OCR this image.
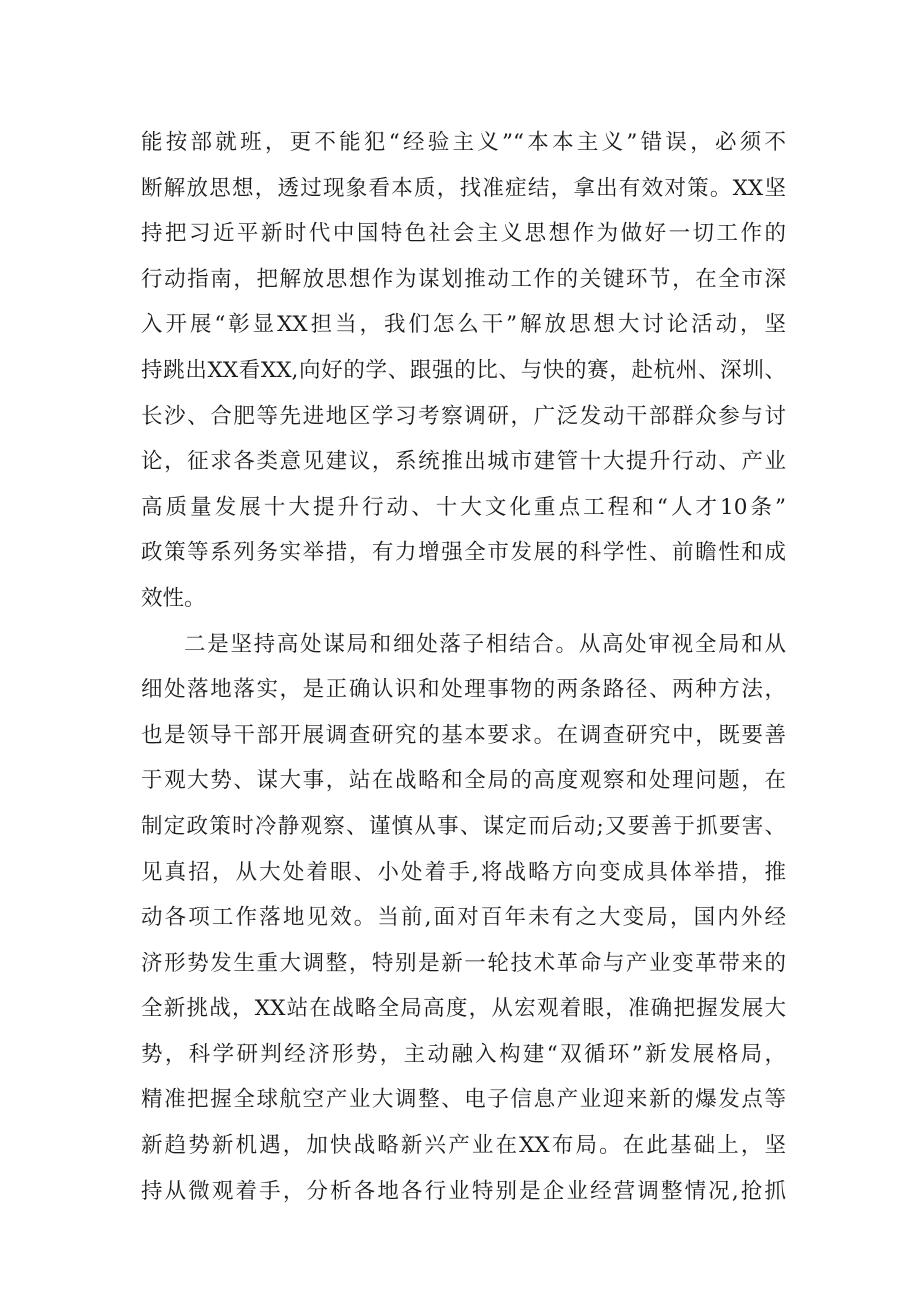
能按部就班，更不能犯“经验主义”“本本主义”错误，必须不
断解放思想，透过现象看本质，找准症结，拿出有效对策。XX坚
持把习近平新时代中国特色社会主义思想作为做好一切工作的
行动指南，把解放思想作为谋划推动工作的关键环节，在全市深
入开展“彰显XX担当，我们怎么干”解放思想大讨论活动，坚
持跳出XX看XX,向好的学、跟强的比、与快的赛，赴杭州、深圳、
长沙、合肥等先进地区学习考察调研，广泛发动干部群众参与讨
论，征求各类意见建议，系统推出城市建管十大提升行动、产业
高质量发展十大提升行动、十大文化重点工程和“人才10条”
政策等系列务实举措，有力增强全市发展的科学性、前瞻性和成
效性。
二是坚持高处谋局和细处落子相结合。从高处审视全局和从
细处落地落实，是正确认识和处理事物的两条路径、两种方法，
也是领导干部开展调查研究的基本要求。在调查研究中，既要善
于观大势、谋大事，站在战略和全局的高度观察和处理问题，在
制定政策时冷静观察、谨慎从事、谋定而后动;又要善于抓要害、
见真招，从大处着眼、小处着手,将战略方向变成具体举措，推
动各项工作落地见效。当前,面对百年未有之大变局，国内外经
济形势发生重大调整，特别是新一轮技术革命与产业变革带来的
全新挑战，XX站在战略全局高度，从宏观着眼，准确把握发展大
势，科学研判经济形势，主动融入构建“双循环”新发展格局，
精准把握全球航空产业大调整、电子信息产业迎来新的爆发点等
新趋势新机遇，加快战略新兴产业在XX布局。在此基础上，坚
持从微观着手，分析各地各行业特别是企业经营调整情况,抢抓
